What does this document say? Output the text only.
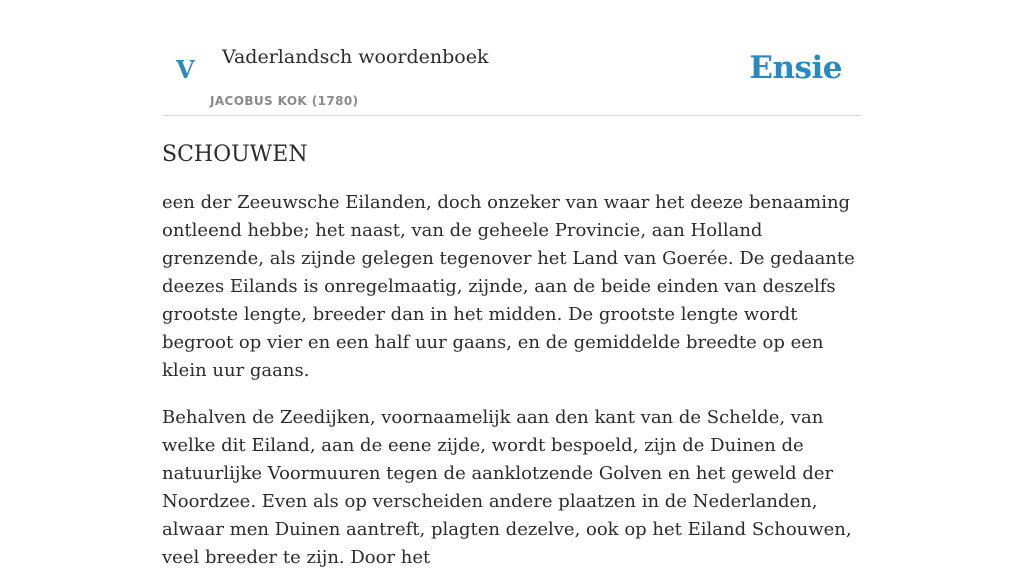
V Vaderlandsch woordenboek
JACOBUS KOK (1780)
Ensie
SCHOUWEN

een der Zeeuwsche Eilanden, doch onzeker van waar het deeze benaaming ontleend hebbe; het naast, van de geheele Provincie, aan Holland grenzende, als zijnde gelegen tegenover het Land van Goerée. De gedaante deezes Eilands is onregelmaatig, zijnde, aan de beide einden van deszelfs grootste lengte, breeder dan in het midden. De grootste lengte wordt begroot op vier en een half uur gaans, en de gemiddelde breedte op een klein uur gaans.

Behalven de Zeedijken, voornaamelijk aan den kant van de Schelde, van welke dit Eiland, aan de eene zijde, wordt bespoeld, zijn de Duinen de natuurlijke Voormuuren tegen de aanklotzende Golven en het geweld der Noordzee. Even als op verscheiden andere plaatzen in de Nederlanden, alwaar men Duinen aantreft, plagten dezelve, ook op het Eiland Schouwen, veel breeder te zijn. Door het
